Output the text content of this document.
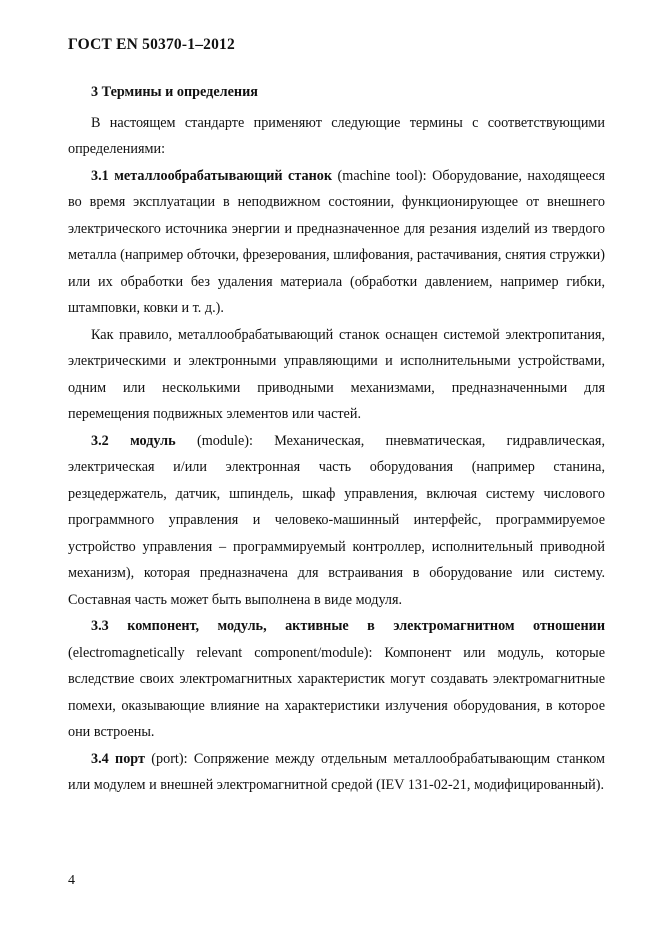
ГОСТ EN 50370-1–2012

3 Термины и определения

В настоящем стандарте применяют следующие термины с соответствующими определениями:

3.1 металлообрабатывающий станок (machine tool): Оборудование, находящееся во время эксплуатации в неподвижном состоянии, функционирующее от внешнего электрического источника энергии и предназначенное для резания изделий из твердого металла (например обточки, фрезерования, шлифования, растачивания, снятия стружки) или их обработки без удаления материала (обработки давлением, например гибки, штамповки, ковки и т. д.).

Как правило, металлообрабатывающий станок оснащен системой электропитания, электрическими и электронными управляющими и исполнительными устройствами, одним или несколькими приводными механизмами, предназначенными для перемещения подвижных элементов или частей.

3.2 модуль (module): Механическая, пневматическая, гидравлическая, электрическая и/или электронная часть оборудования (например станина, резцедержатель, датчик, шпиндель, шкаф управления, включая систему числового программного управления и человеко-машинный интерфейс, программируемое устройство управления – программируемый контроллер, исполнительный приводной механизм), которая предназначена для встраивания в оборудование или систему. Составная часть может быть выполнена в виде модуля.

3.3 компонент, модуль, активные в электромагнитном отношении (electromagnetically relevant component/module): Компонент или модуль, которые вследствие своих электромагнитных характеристик могут создавать электромагнитные помехи, оказывающие влияние на характеристики излучения оборудования, в которое они встроены.

3.4 порт (port): Сопряжение между отдельным металлообрабатывающим станком или модулем и внешней электромагнитной средой (IEV 131-02-21, модифицированный).

4
